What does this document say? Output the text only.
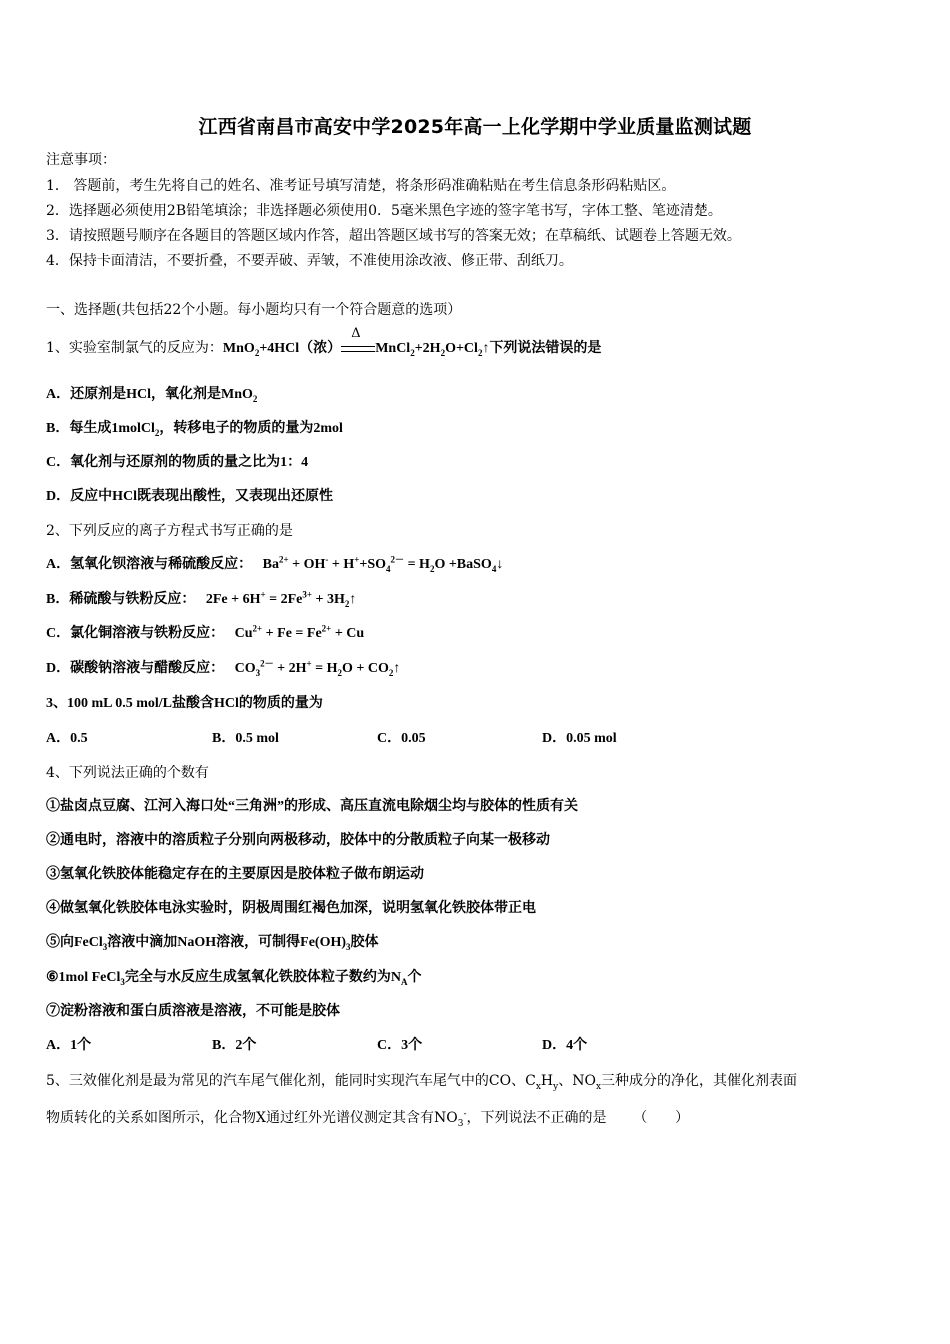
江西省南昌市高安中学2025年高一上化学期中学业质量监测试题
注意事项：
1． 答题前，考生先将自己的姓名、准考证号填写清楚，将条形码准确粘贴在考生信息条形码粘贴区。
2．选择题必须使用2B铅笔填涂；非选择题必须使用0．5毫米黑色字迹的签字笔书写，字体工整、笔迹清楚。
3．请按照题号顺序在各题目的答题区域内作答，超出答题区域书写的答案无效；在草稿纸、试题卷上答题无效。
4．保持卡面清洁，不要折叠，不要弄破、弄皱，不准使用涂改液、修正带、刮纸刀。
一、选择题(共包括22个小题。每小题均只有一个符合题意的选项）
1、实验室制氯气的反应为：MnO$_2$+4HCl（浓）
Δ
$MnCl_2+2H_2O+Cl_2↑$下列说法错误的是
A．还原剂是HCl，氧化剂是MnO$_2$
B．每生成1molCl$_2$，转移电子的物质的量为2mol
C．氧化剂与还原剂的物质的量之比为1：4
D．反应中HCl既表现出酸性，又表现出还原性
2、下列反应的离子方程式书写正确的是
A．氢氧化钡溶液与稀硫酸反应： $Ba^{2+} + OH^- + H^++SO_4^{2-} = H_2O$ +BaSO$_4$↓
B．稀硫酸与铁粉反应： $2Fe + 6H^+ = 2Fe^{3+}$ + $3H_2↑$
C．氯化铜溶液与铁粉反应： $Cu^{2+} + Fe = Fe^{2+} + Cu$
D．碳酸钠溶液与醋酸反应： $CO_3^{2-} + 2H^+ = H_2O$ + $CO_2↑$
3、100 mL 0.5 mol/L盐酸含HCl的物质的量为
A．0.5	B．0.5 mol	C．0.05	D．0.05 mol
4、下列说法正确的个数有
①盐卤点豆腐、江河入海口处“三角洲”的形成、高压直流电除烟尘均与胶体的性质有关
②通电时，溶液中的溶质粒子分别向两极移动，胶体中的分散质粒子向某一极移动
③氢氧化铁胶体能稳定存在的主要原因是胶体粒子做布朗运动
④做氢氧化铁胶体电泳实验时，阴极周围红褐色加深，说明氢氧化铁胶体带正电
⑤向FeCl$_3$溶液中滴加NaOH溶液，可制得$Fe(OH)_3$胶体
⑥1mol FeCl$_3$完全与水反应生成氢氧化铁胶体粒子数约为$N_A$个
⑦淀粉溶液和蛋白质溶液是溶液，不可能是胶体
A．1个	B．2个	C．3个	D．4个
5、三效催化剂是最为常见的汽车尾气催化剂，能同时实现汽车尾气中的CO、$C_xH_y$、$NO_x$三种成分的净化，其催化剂表面
物质转化的关系如图所示，化合物X通过红外光谱仪测定其含有$NO_3^-$，下列说法不正确的是 （　　）
